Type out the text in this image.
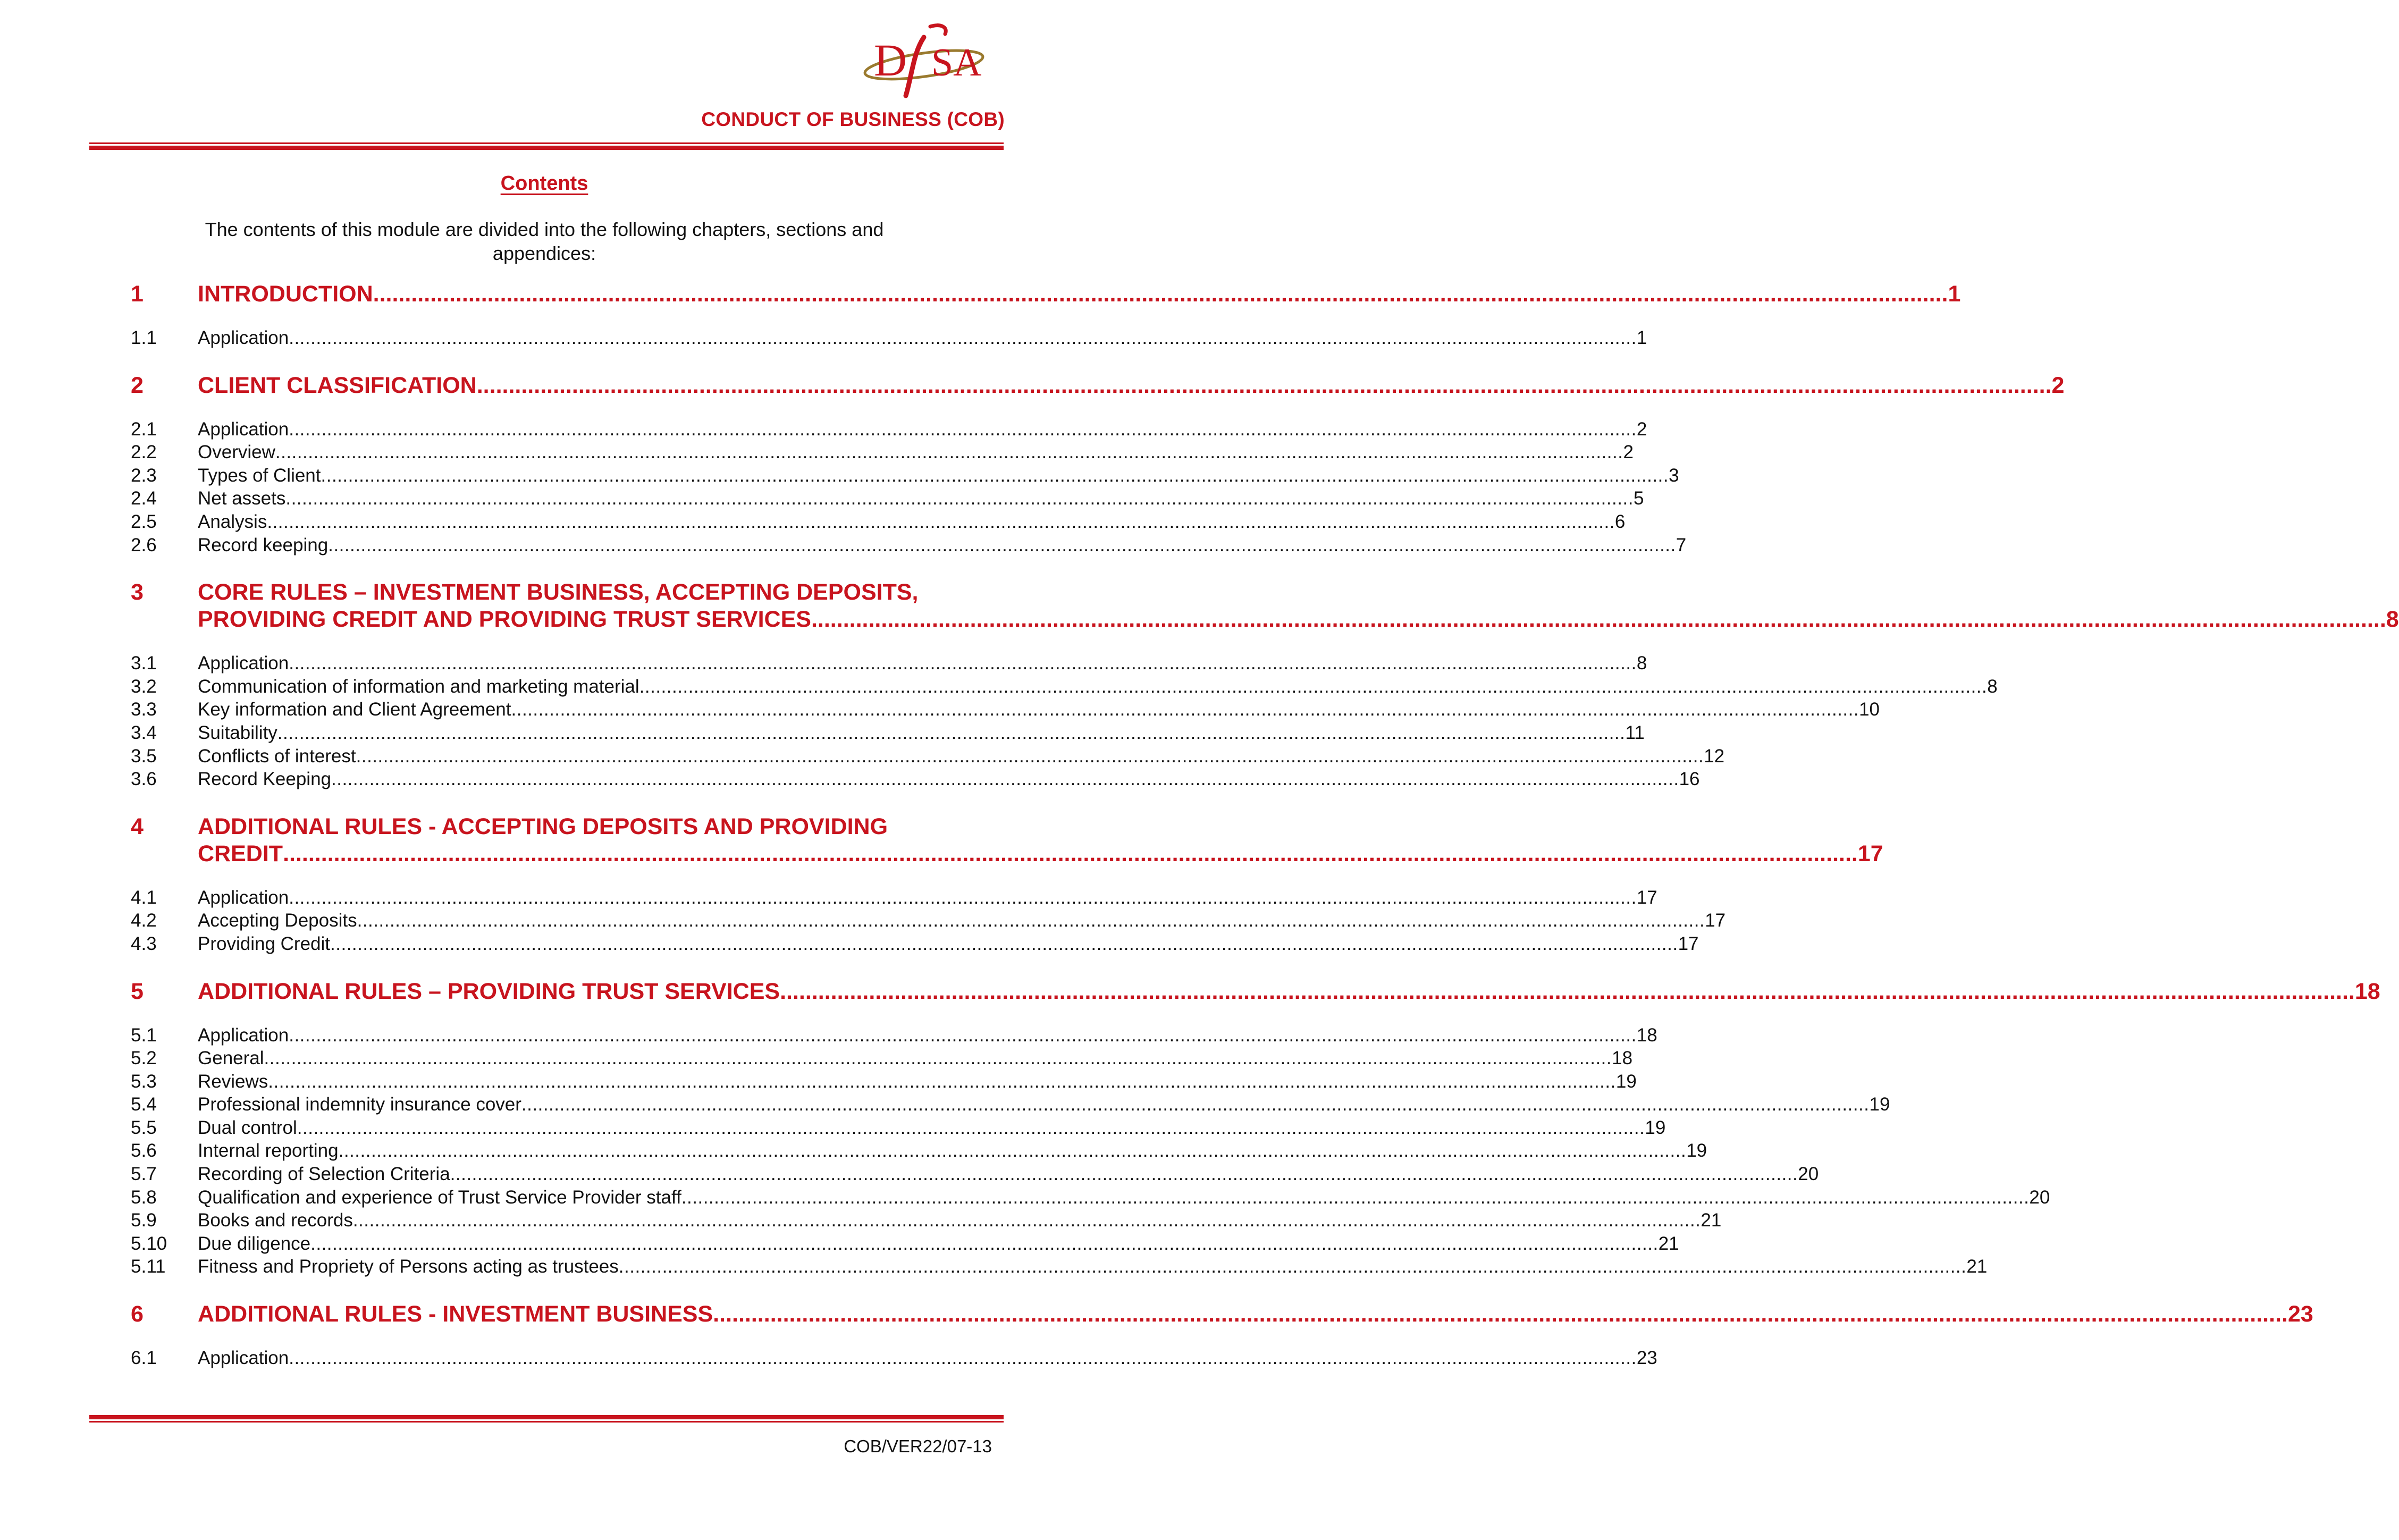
D SA
CONDUCT OF BUSINESS (COB)
Contents
The contents of this module are divided into the following chapters, sections and appendices:
1	INTRODUCTION .....	1
1.1	Application .....	1
2	CLIENT CLASSIFICATION .....	2
2.1	Application .....	2
2.2	Overview .....	2
2.3	Types of Client .....	3
2.4	Net assets .....	5
2.5	Analysis .....	6
2.6	Record keeping .....	7
3	CORE RULES – INVESTMENT BUSINESS, ACCEPTING DEPOSITS,
PROVIDING CREDIT AND PROVIDING TRUST SERVICES .....	8
3.1	Application .....	8
3.2	Communication of information and marketing material .....	8
3.3	Key information and Client Agreement .....	10
3.4	Suitability .....	11
3.5	Conflicts of interest .....	12
3.6	Record Keeping .....	16
4	ADDITIONAL RULES - ACCEPTING DEPOSITS AND PROVIDING
CREDIT .....	17
4.1	Application .....	17
4.2	Accepting Deposits .....	17
4.3	Providing Credit .....	17
5	ADDITIONAL RULES – PROVIDING TRUST SERVICES .....	18
5.1	Application .....	18
5.2	General .....	18
5.3	Reviews .....	19
5.4	Professional indemnity insurance cover .....	19
5.5	Dual control .....	19
5.6	Internal reporting .....	19
5.7	Recording of Selection Criteria .....	20
5.8	Qualification and experience of Trust Service Provider staff .....	20
5.9	Books and records .....	21
5.10	Due diligence .....	21
5.11	Fitness and Propriety of Persons acting as trustees .....	21
6	ADDITIONAL RULES - INVESTMENT BUSINESS .....	23
6.1	Application .....	23
COB/VER22/07-13
